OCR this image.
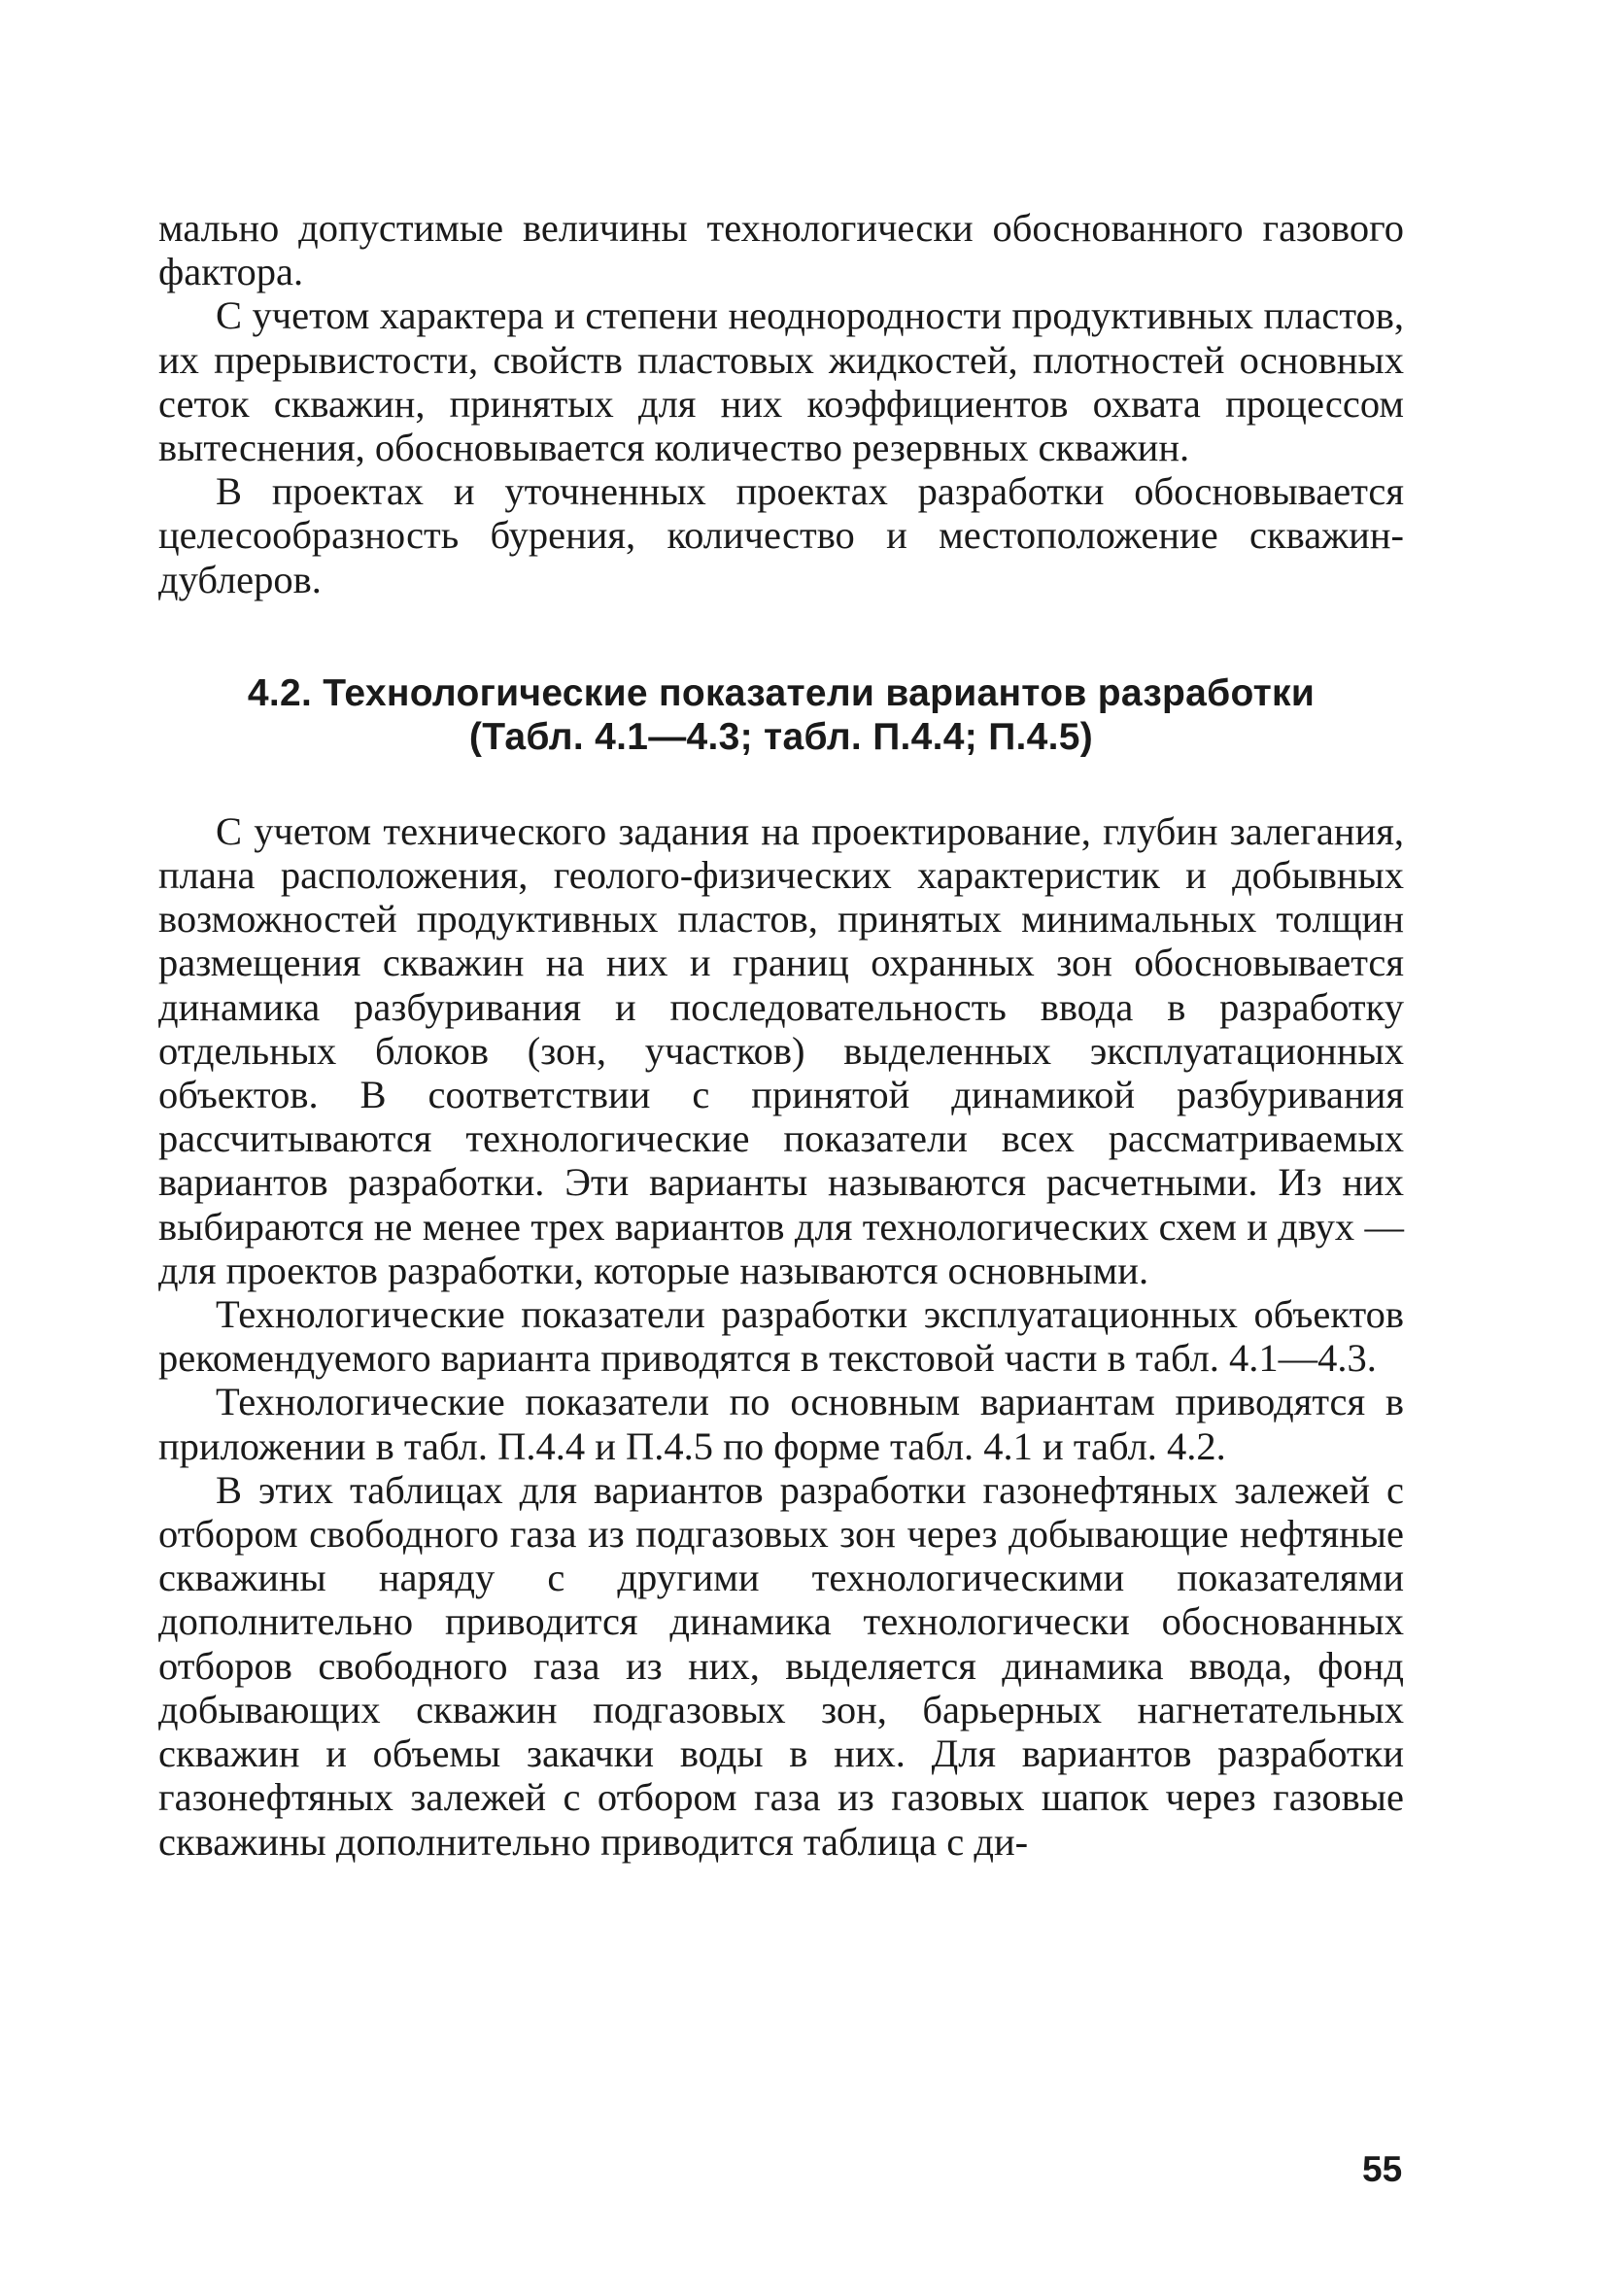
мально допустимые величины технологически обоснованного газового фактора.

С учетом характера и степени неоднородности продуктивных пластов, их прерывистости, свойств пластовых жидкостей, плотностей основных сеток скважин, принятых для них коэффициентов охвата процессом вытеснения, обосновывается количество резервных скважин.

В проектах и уточненных проектах разработки обосновывается целесообразность бурения, количество и местоположение скважин-дублеров.

4.2. Технологические показатели вариантов разработки
(Табл. 4.1—4.3; табл. П.4.4; П.4.5)

С учетом технического задания на проектирование, глубин залегания, плана расположения, геолого-физических характеристик и добывных возможностей продуктивных пластов, принятых минимальных толщин размещения скважин на них и границ охранных зон обосновывается динамика разбуривания и последовательность ввода в разработку отдельных блоков (зон, участков) выделенных эксплуатационных объектов. В соответствии с принятой динамикой разбуривания рассчитываются технологические показатели всех рассматриваемых вариантов разработки. Эти варианты называются расчетными. Из них выбираются не менее трех вариантов для технологических схем и двух — для проектов разработки, которые называются основными.

Технологические показатели разработки эксплуатационных объектов рекомендуемого варианта приводятся в текстовой части в табл. 4.1—4.3.

Технологические показатели по основным вариантам приводятся в приложении в табл. П.4.4 и П.4.5 по форме табл. 4.1 и табл. 4.2.

В этих таблицах для вариантов разработки газонефтяных залежей с отбором свободного газа из подгазовых зон через добывающие нефтяные скважины наряду с другими технологическими показателями дополнительно приводится динамика технологически обоснованных отборов свободного газа из них, выделяется динамика ввода, фонд добывающих скважин подгазовых зон, барьерных нагнетательных скважин и объемы закачки воды в них. Для вариантов разработки газонефтяных залежей с отбором газа из газовых шапок через газовые скважины дополнительно приводится таблица с ди-

55
